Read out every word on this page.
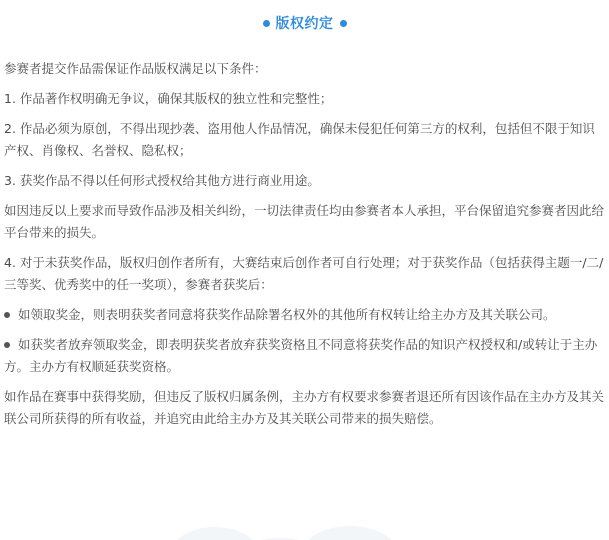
版权约定

参赛者提交作品需保证作品版权满足以下条件：

1. 作品著作权明确无争议，确保其版权的独立性和完整性；

2. 作品必须为原创，不得出现抄袭、盗用他人作品情况，确保未侵犯任何第三方的权利，包括但不限于知识产权、肖像权、名誉权、隐私权；

3. 获奖作品不得以任何形式授权给其他方进行商业用途。

如因违反以上要求而导致作品涉及相关纠纷，一切法律责任均由参赛者本人承担，平台保留追究参赛者因此给平台带来的损失。

4. 对于未获奖作品，版权归创作者所有，大赛结束后创作者可自行处理；对于获奖作品（包括获得主题一/二/三等奖、优秀奖中的任一奖项），参赛者获奖后：

如领取奖金，则表明获奖者同意将获奖作品除署名权外的其他所有权转让给主办方及其关联公司。

如获奖者放弃领取奖金，即表明获奖者放弃获奖资格且不同意将获奖作品的知识产权授权和/或转让于主办方。主办方有权顺延获奖资格。

如作品在赛事中获得奖励，但违反了版权归属条例，主办方有权要求参赛者退还所有因该作品在主办方及其关联公司所获得的所有收益，并追究由此给主办方及其关联公司带来的损失赔偿。
